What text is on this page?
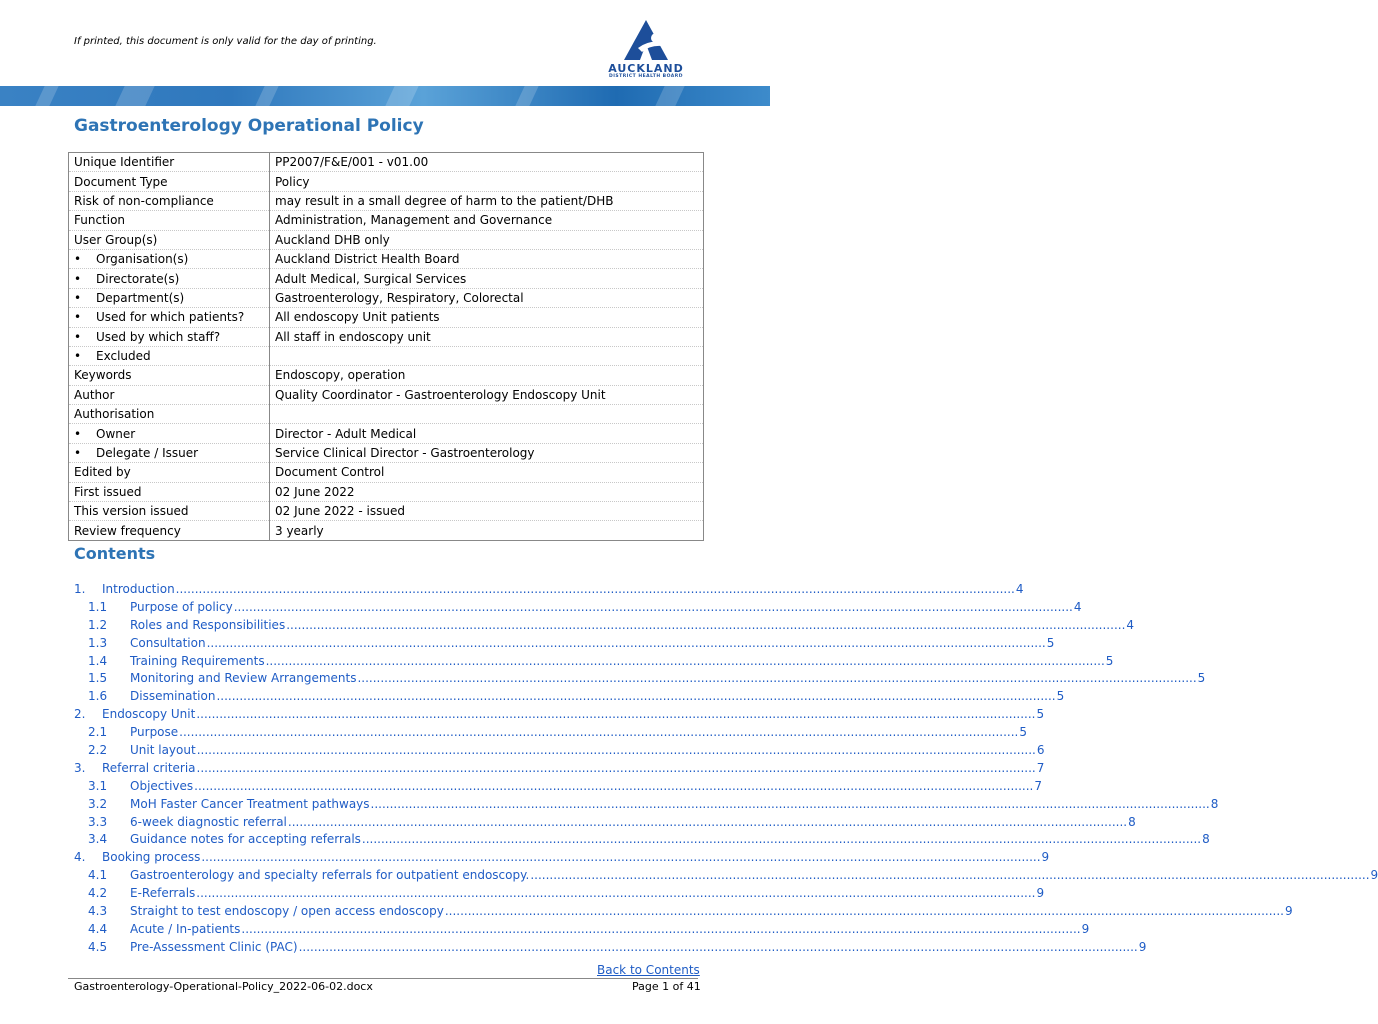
If printed, this document is only valid for the day of printing.
AUCKLAND
DISTRICT HEALTH BOARD
Te Toka Tumai
Gastroenterology Operational Policy
Unique Identifier	PP2007/F&E/001 - v01.00
Document Type	Policy
Risk of non-compliance	may result in a small degree of harm to the patient/DHB
Function	Administration, Management and Governance
User Group(s)	Auckland DHB only
• Organisation(s)	Auckland District Health Board
• Directorate(s)	Adult Medical, Surgical Services
• Department(s)	Gastroenterology, Respiratory, Colorectal
• Used for which patients?	All endoscopy Unit patients
• Used by which staff?	All staff in endoscopy unit
• Excluded	
Keywords	Endoscopy, operation
Author	Quality Coordinator - Gastroenterology Endoscopy Unit
Authorisation	
• Owner	Director - Adult Medical
• Delegate / Issuer	Service Clinical Director - Gastroenterology
Edited by	Document Control
First issued	02 June 2022
This version issued	02 June 2022 - issued
Review frequency	3 yearly
Contents
1.	Introduction ............................................................................................................................................................................................................................ 4
1.1	Purpose of policy ............................................................................................................................................................................................................................ 4
1.2	Roles and Responsibilities ............................................................................................................................................................................................................................ 4
1.3	Consultation ............................................................................................................................................................................................................................ 5
1.4	Training Requirements ............................................................................................................................................................................................................................ 5
1.5	Monitoring and Review Arrangements ............................................................................................................................................................................................................................ 5
1.6	Dissemination ............................................................................................................................................................................................................................ 5
2.	Endoscopy Unit ............................................................................................................................................................................................................................ 5
2.1	Purpose ............................................................................................................................................................................................................................ 5
2.2	Unit layout ............................................................................................................................................................................................................................ 6
3.	Referral criteria ............................................................................................................................................................................................................................ 7
3.1	Objectives ............................................................................................................................................................................................................................ 7
3.2	MoH Faster Cancer Treatment pathways ............................................................................................................................................................................................................................ 8
3.3	6-week diagnostic referral ............................................................................................................................................................................................................................ 8
3.4	Guidance notes for accepting referrals ............................................................................................................................................................................................................................ 8
4.	Booking process ............................................................................................................................................................................................................................ 9
4.1	Gastroenterology and specialty referrals for outpatient endoscopy. ............................................................................................................................................................................................................................ 9
4.2	E-Referrals ............................................................................................................................................................................................................................ 9
4.3	Straight to test endoscopy / open access endoscopy ............................................................................................................................................................................................................................ 9
4.4	Acute / In-patients ............................................................................................................................................................................................................................ 9
4.5	Pre-Assessment Clinic (PAC) ............................................................................................................................................................................................................................ 9
Back to Contents
Gastroenterology-Operational-Policy_2022-06-02.docx	Page 1 of 41
